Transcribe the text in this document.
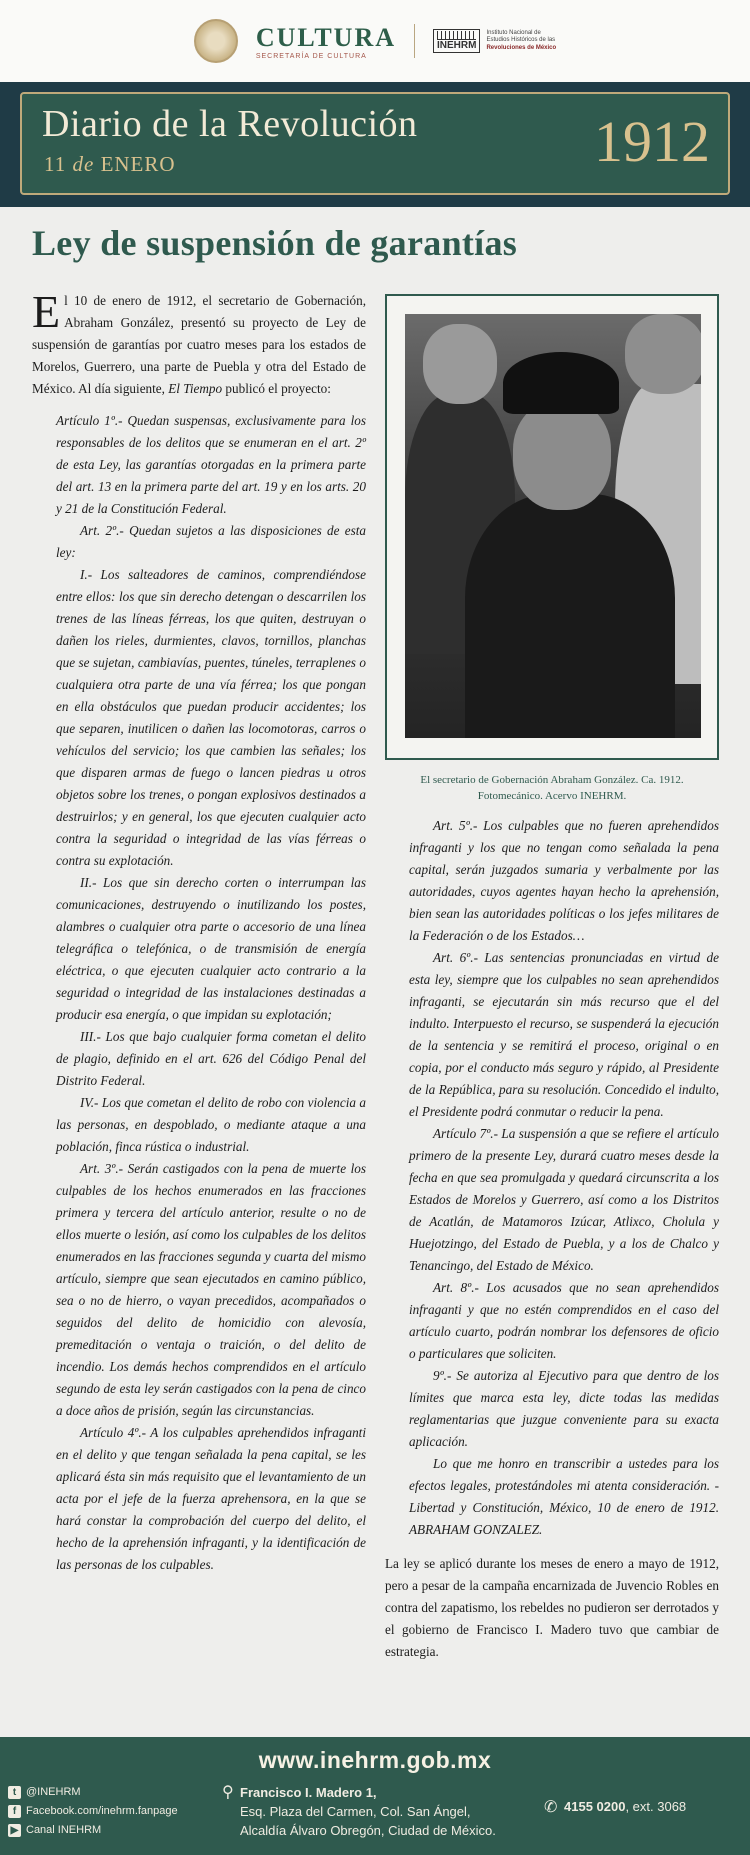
CULTURA
SECRETARÍA DE CULTURA
INEHRM
Instituto Nacional de
Estudios Históricos de las
Revoluciones de México
Diario de la Revolución
11 de ENERO	1912
Ley de suspensión de garantías

El 10 de enero de 1912, el secretario de Gobernación, Abraham González, presentó su proyecto de Ley de suspensión de garantías por cuatro meses para los estados de Morelos, Guerrero, una parte de Puebla y otra del Estado de México. Al día siguiente, El Tiempo publicó el proyecto:

Artículo 1º.- Quedan suspensas, exclusivamente para los responsables de los delitos que se enumeran en el art. 2º de esta Ley, las garantías otorgadas en la primera parte del art. 13 en la primera parte del art. 19 y en los arts. 20 y 21 de la Constitución Federal.

Art. 2º.- Quedan sujetos a las disposiciones de esta ley:

I.- Los salteadores de caminos, comprendiéndose entre ellos: los que sin derecho detengan o descarrilen los trenes de las líneas férreas, los que quiten, destruyan o dañen los rieles, durmientes, clavos, tornillos, planchas que se sujetan, cambiavías, puentes, túneles, terraplenes o cualquiera otra parte de una vía férrea; los que pongan en ella obstáculos que puedan producir accidentes; los que separen, inutilicen o dañen las locomotoras, carros o vehículos del servicio; los que cambien las señales; los que disparen armas de fuego o lancen piedras u otros objetos sobre los trenes, o pongan explosivos destinados a destruirlos; y en general, los que ejecuten cualquier acto contra la seguridad o integridad de las vías férreas o contra su explotación.

II.- Los que sin derecho corten o interrumpan las comunicaciones, destruyendo o inutilizando los postes, alambres o cualquier otra parte o accesorio de una línea telegráfica o telefónica, o de transmisión de energía eléctrica, o que ejecuten cualquier acto contrario a la seguridad o integridad de las instalaciones destinadas a producir esa energía, o que impidan su explotación;

III.- Los que bajo cualquier forma cometan el delito de plagio, definido en el art. 626 del Código Penal del Distrito Federal.

IV.- Los que cometan el delito de robo con violencia a las personas, en despoblado, o mediante ataque a una población, finca rústica o industrial.

Art. 3º.- Serán castigados con la pena de muerte los culpables de los hechos enumerados en las fracciones primera y tercera del artículo anterior, resulte o no de ellos muerte o lesión, así como los culpables de los delitos enumerados en las fracciones segunda y cuarta del mismo artículo, siempre que sean ejecutados en camino público, sea o no de hierro, o vayan precedidos, acompañados o seguidos del delito de homicidio con alevosía, premeditación o ventaja o traición, o del delito de incendio. Los demás hechos comprendidos en el artículo segundo de esta ley serán castigados con la pena de cinco a doce años de prisión, según las circunstancias.

Artículo 4º.- A los culpables aprehendidos infraganti en el delito y que tengan señalada la pena capital, se les aplicará ésta sin más requisito que el levantamiento de un acta por el jefe de la fuerza aprehensora, en la que se hará constar la comprobación del cuerpo del delito, el hecho de la aprehensión infraganti, y la identificación de las personas de los culpables.

El secretario de Gobernación Abraham González. Ca. 1912.
Fotomecánico. Acervo INEHRM.

Art. 5º.- Los culpables que no fueren aprehendidos infraganti y los que no tengan como señalada la pena capital, serán juzgados sumaria y verbalmente por las autoridades, cuyos agentes hayan hecho la aprehensión, bien sean las autoridades políticas o los jefes militares de la Federación o de los Estados…

Art. 6º.- Las sentencias pronunciadas en virtud de esta ley, siempre que los culpables no sean aprehendidos infraganti, se ejecutarán sin más recurso que el del indulto. Interpuesto el recurso, se suspenderá la ejecución de la sentencia y se remitirá el proceso, original o en copia, por el conducto más seguro y rápido, al Presidente de la República, para su resolución. Concedido el indulto, el Presidente podrá conmutar o reducir la pena.

Artículo 7º.- La suspensión a que se refiere el artículo primero de la presente Ley, durará cuatro meses desde la fecha en que sea promulgada y quedará circunscrita a los Estados de Morelos y Guerrero, así como a los Distritos de Acatlán, de Matamoros Izúcar, Atlixco, Cholula y Huejotzingo, del Estado de Puebla, y a los de Chalco y Tenancingo, del Estado de México.

Art. 8º.- Los acusados que no sean aprehendidos infraganti y que no estén comprendidos en el caso del artículo cuarto, podrán nombrar los defensores de oficio o particulares que soliciten.

9º.- Se autoriza al Ejecutivo para que dentro de los límites que marca esta ley, dicte todas las medidas reglamentarias que juzgue conveniente para su exacta aplicación.

Lo que me honro en transcribir a ustedes para los efectos legales, protestándoles mi atenta consideración. - Libertad y Constitución, México, 10 de enero de 1912. ABRAHAM GONZALEZ.

La ley se aplicó durante los meses de enero a mayo de 1912, pero a pesar de la campaña encarnizada de Juvencio Robles en contra del zapatismo, los rebeldes no pudieron ser derrotados y el gobierno de Francisco I. Madero tuvo que cambiar de estrategia.

www.inehrm.gob.mx
t @INEHRM
f Facebook.com/inehrm.fanpage
▶ Canal INEHRM
⚲ Francisco I. Madero 1,
Esq. Plaza del Carmen, Col. San Ángel,
Alcaldía Álvaro Obregón, Ciudad de México.
✆ 4155 0200, ext. 3068
